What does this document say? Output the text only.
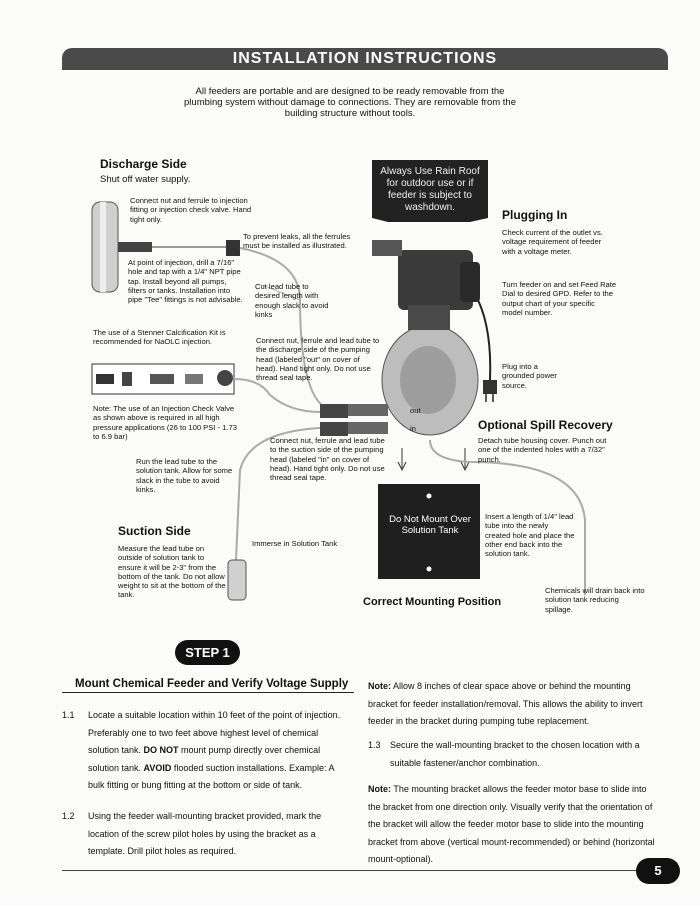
INSTALLATION INSTRUCTIONS
All feeders are portable and are designed to be ready removable from the plumbing system without damage to connections. They are removable from the building structure without tools.
out
in
Discharge Side
Shut off water supply.
Connect nut and ferrule to injection fitting or injection check valve. Hand tight only.
At point of injection, drill a 7/16" hole and tap with a 1/4" NPT pipe tap. Install beyond all pumps, filters or tanks. Installation into pipe "Tee" fittings is not advisable.
The use of a Stenner Calcification Kit is recommended for NaOLC injection.
Note: The use of an Injection Check Valve as shown above is required in all high pressure applications (26 to 100 PSI - 1.73 to 6.9 bar)
To prevent leaks, all the ferrules must be installed as illustrated.
Cut lead tube to desired length with enough slack to avoid kinks
Connect nut, ferrule and lead tube to the discharge side of the pumping head (labeled "out" on cover of head). Hand tight only. Do not use thread seal tape.
Connect nut, ferrule and lead tube to the suction side of the pumping head (labeled "in" on cover of head). Hand tight only. Do not use thread seal tape.
Run the lead tube to the solution tank. Allow for some slack in the tube to avoid kinks.
Immerse in Solution Tank
Always Use Rain Roof for outdoor use or if feeder is subject to washdown.
Plugging In
Check current of the outlet vs. voltage requirement of feeder with a voltage meter.
Turn feeder on and set Feed Rate Dial to desired GPD. Refer to the output chart of your specific model number.
Plug into a grounded power source.
Optional Spill Recovery
Detach tube housing cover. Punch out one of the indented holes with a 7/32" punch.
Insert a length of 1/4" lead tube into the newly created hole and place the other end back into the solution tank.
Chemicals will drain back into solution tank reducing spillage.
Do Not Mount Over Solution Tank
Correct Mounting Position
Suction Side
Measure the lead tube on outside of solution tank to ensure it will be 2-3" from the bottom of the tank. Do not allow weight to sit at the bottom of the tank.
STEP 1
Mount Chemical Feeder and Verify Voltage Supply
1.1	Locate a suitable location within 10 feet of the point of injection. Preferably one to two feet above highest level of chemical solution tank. DO NOT mount pump directly over chemical solution tank. AVOID flooded suction installations. Example: A bulk fitting or bung fitting at the bottom or side of tank.
1.2	Using the feeder wall-mounting bracket provided, mark the location of the screw pilot holes by using the bracket as a template. Drill pilot holes as required.
Note: Allow 8 inches of clear space above or behind the mounting bracket for feeder installation/removal. This allows the ability to invert feeder in the bracket during pumping tube replacement.
1.3	Secure the wall-mounting bracket to the chosen location with a suitable fastener/anchor combination.
Note: The mounting bracket allows the feeder motor base to slide into the bracket from one direction only. Visually verify that the orientation of the bracket will allow the feeder motor base to slide into the mounting bracket from above (vertical mount-recommended) or behind (horizontal mount-optional).
5
